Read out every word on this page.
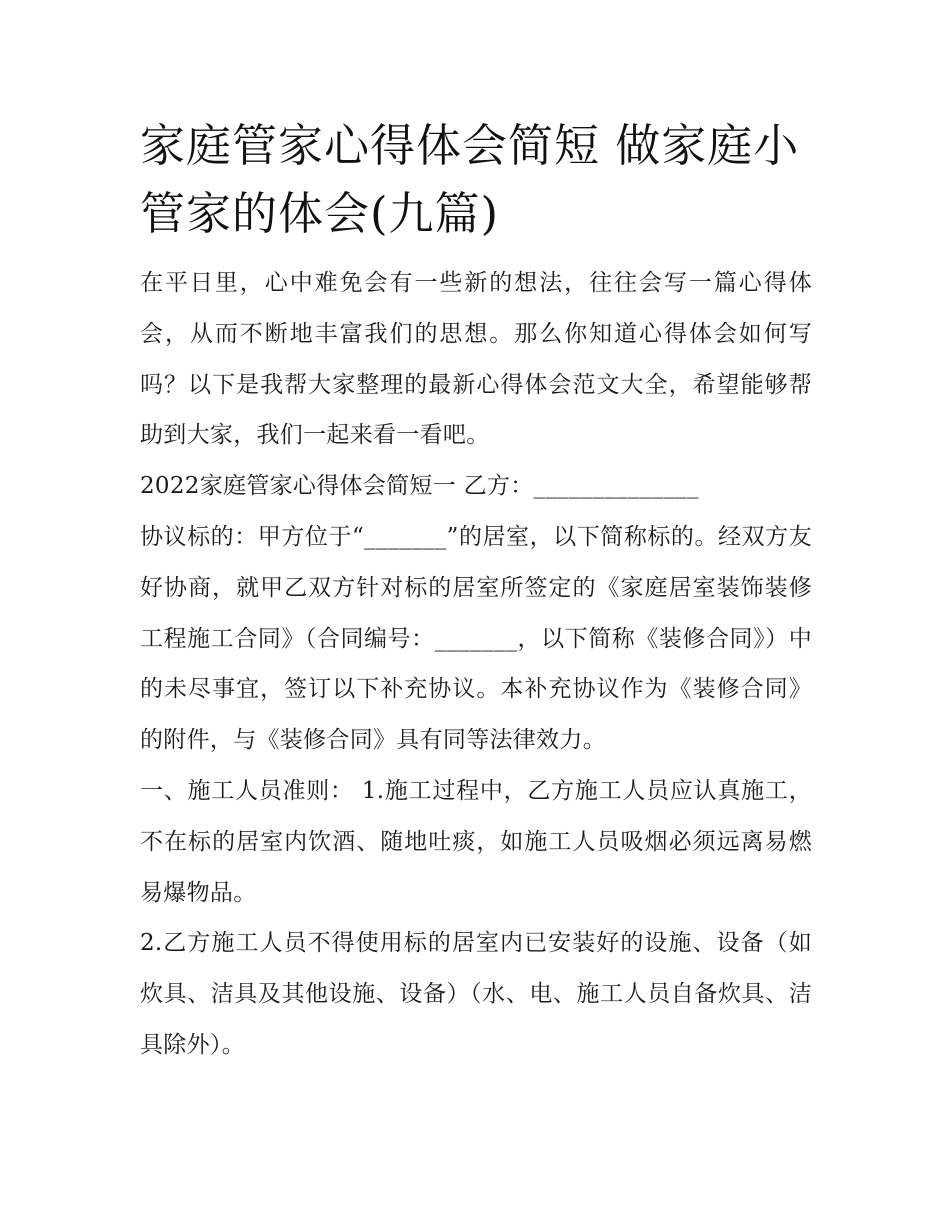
家庭管家心得体会简短 做家庭小管家的体会(九篇)

在平日里，心中难免会有一些新的想法，往往会写一篇心得体会，从而不断地丰富我们的思想。那么你知道心得体会如何写吗？以下是我帮大家整理的最新心得体会范文大全，希望能够帮助到大家，我们一起来看一看吧。

2022家庭管家心得体会简短一 乙方：______________

协议标的：甲方位于“_______”的居室，以下简称标的。经双方友好协商，就甲乙双方针对标的居室所签定的《家庭居室装饰装修工程施工合同》（合同编号：_______，以下简称《装修合同》）中的未尽事宜，签订以下补充协议。本补充协议作为《装修合同》的附件，与《装修合同》具有同等法律效力。

一、施工人员准则： 1.施工过程中，乙方施工人员应认真施工，不在标的居室内饮酒、随地吐痰，如施工人员吸烟必须远离易燃易爆物品。

2.乙方施工人员不得使用标的居室内已安装好的设施、设备（如炊具、洁具及其他设施、设备）（水、电、施工人员自备炊具、洁具除外）。
